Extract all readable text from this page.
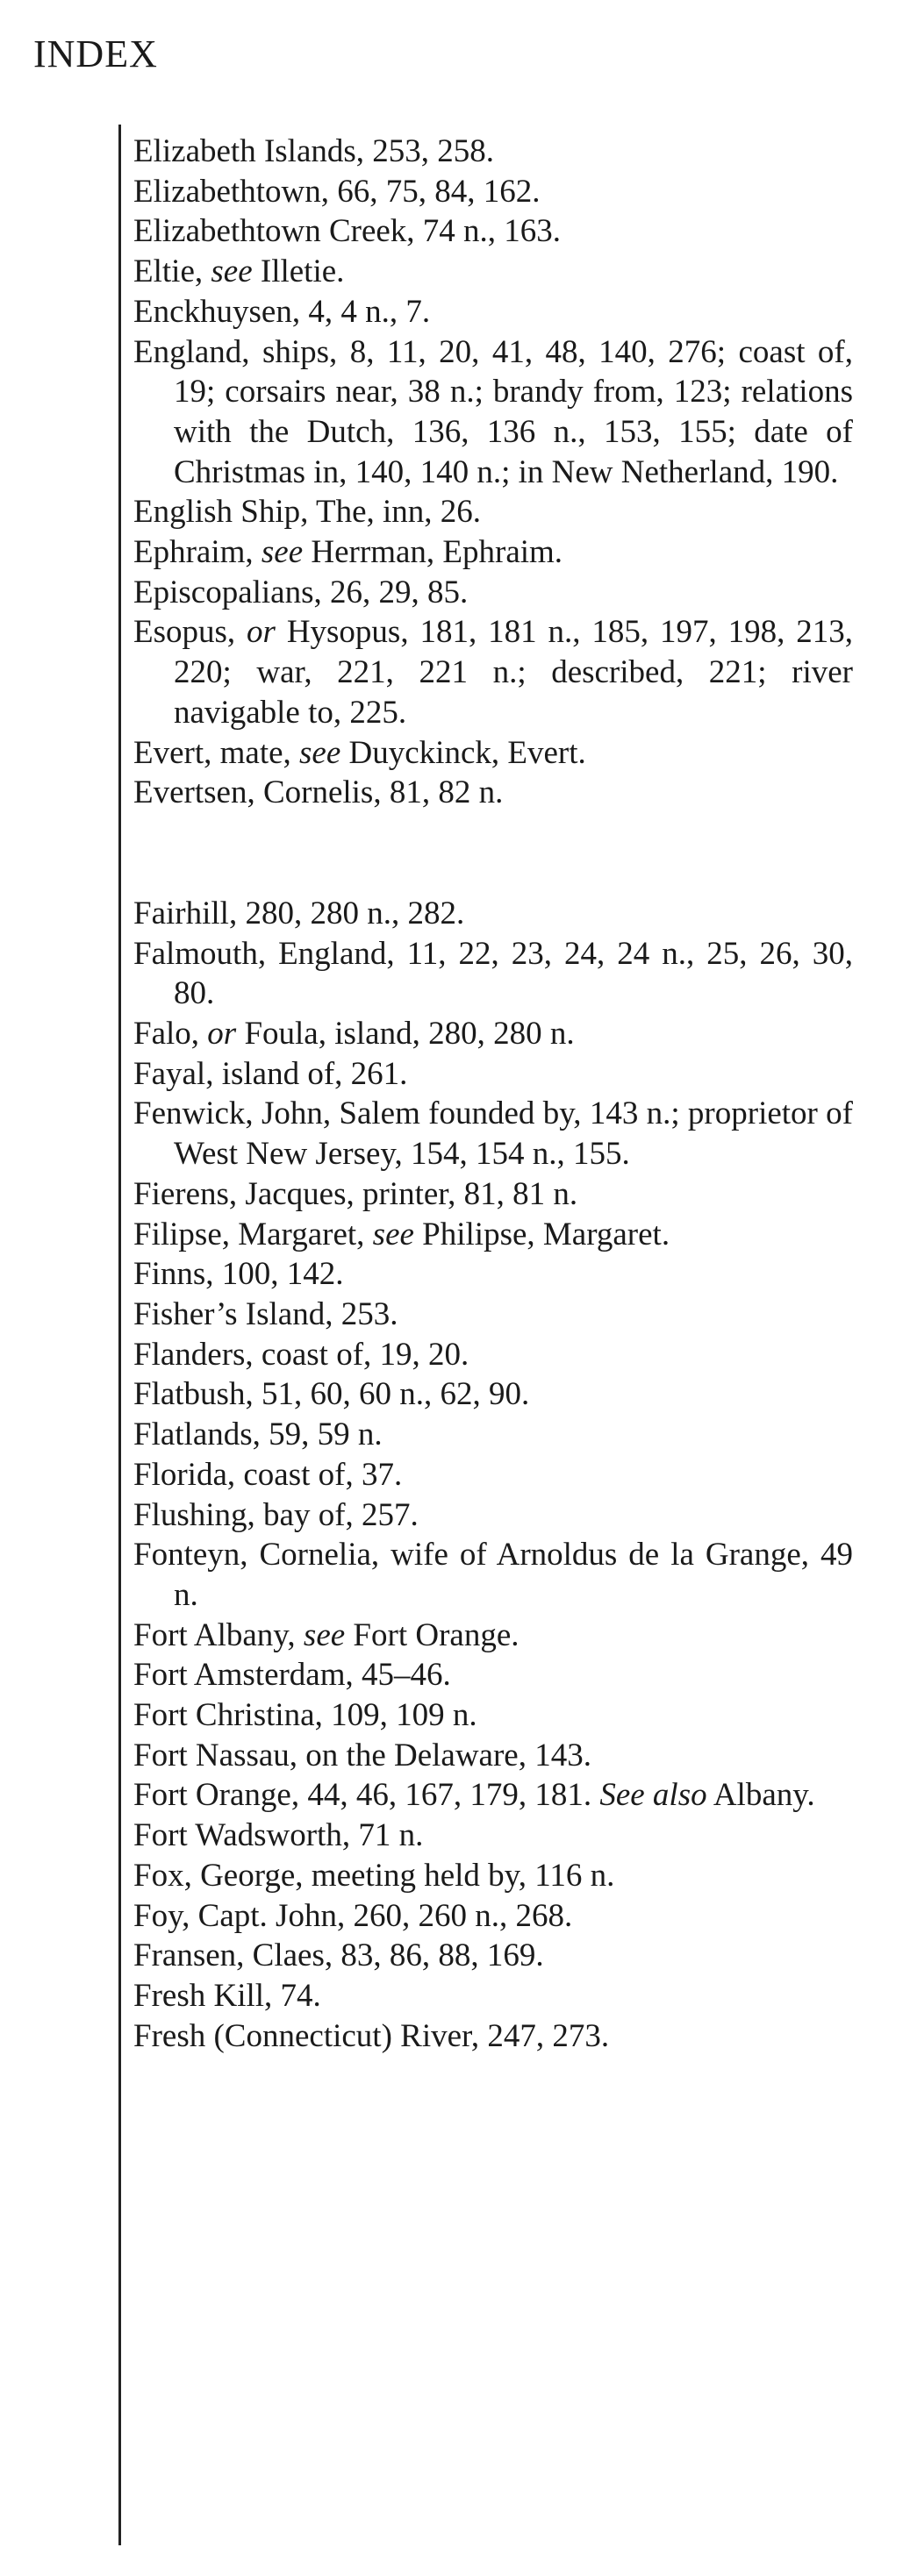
INDEX
Elizabeth Islands, 253, 258.
Elizabethtown, 66, 75, 84, 162.
Elizabethtown Creek, 74 n., 163.
Eltie, see Illetie.
Enckhuysen, 4, 4 n., 7.
England, ships, 8, 11, 20, 41, 48, 140, 276; coast of, 19; corsairs near, 38 n.; brandy from, 123; relations with the Dutch, 136, 136 n., 153, 155; date of Christmas in, 140, 140 n.; in New Netherland, 190.
English Ship, The, inn, 26.
Ephraim, see Herrman, Ephraim.
Episcopalians, 26, 29, 85.
Esopus, or Hysopus, 181, 181 n., 185, 197, 198, 213, 220; war, 221, 221 n.; described, 221; river navigable to, 225.
Evert, mate, see Duyckinck, Evert.
Evertsen, Cornelis, 81, 82 n.
Fairhill, 280, 280 n., 282.
Falmouth, England, 11, 22, 23, 24, 24 n., 25, 26, 30, 80.
Falo, or Foula, island, 280, 280 n.
Fayal, island of, 261.
Fenwick, John, Salem founded by, 143 n.; proprietor of West New Jersey, 154, 154 n., 155.
Fierens, Jacques, printer, 81, 81 n.
Filipse, Margaret, see Philipse, Margaret.
Finns, 100, 142.
Fisher’s Island, 253.
Flanders, coast of, 19, 20.
Flatbush, 51, 60, 60 n., 62, 90.
Flatlands, 59, 59 n.
Florida, coast of, 37.
Flushing, bay of, 257.
Fonteyn, Cornelia, wife of Arnoldus de la Grange, 49 n.
Fort Albany, see Fort Orange.
Fort Amsterdam, 45–46.
Fort Christina, 109, 109 n.
Fort Nassau, on the Delaware, 143.
Fort Orange, 44, 46, 167, 179, 181. See also Albany.
Fort Wadsworth, 71 n.
Fox, George, meeting held by, 116 n.
Foy, Capt. John, 260, 260 n., 268.
Fransen, Claes, 83, 86, 88, 169.
Fresh Kill, 74.
Fresh (Connecticut) River, 247, 273.
